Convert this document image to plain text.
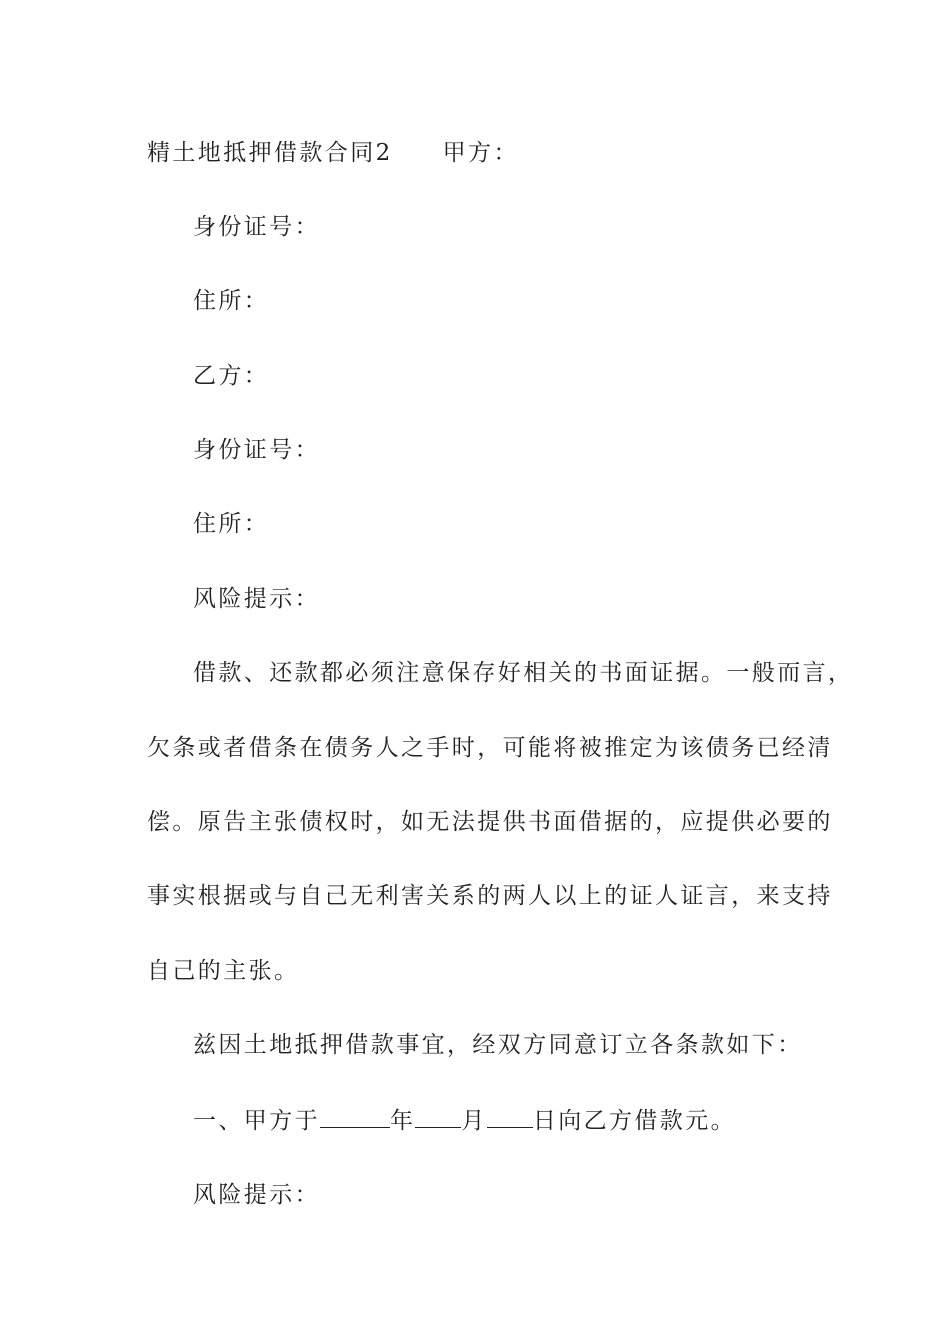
精土地抵押借款合同2 甲方：
身份证号：
住所：
乙方：
身份证号：
住所：
风险提示：
借款、还款都必须注意保存好相关的书面证据。一般而言，
欠条或者借条在债务人之手时，可能将被推定为该债务已经清
偿。原告主张债权时，如无法提供书面借据的，应提供必要的
事实根据或与自己无利害关系的两人以上的证人证言，来支持
自己的主张。
兹因土地抵押借款事宜，经双方同意订立各条款如下：
一、甲方于	年 月 日向乙方借款元。
风险提示：
